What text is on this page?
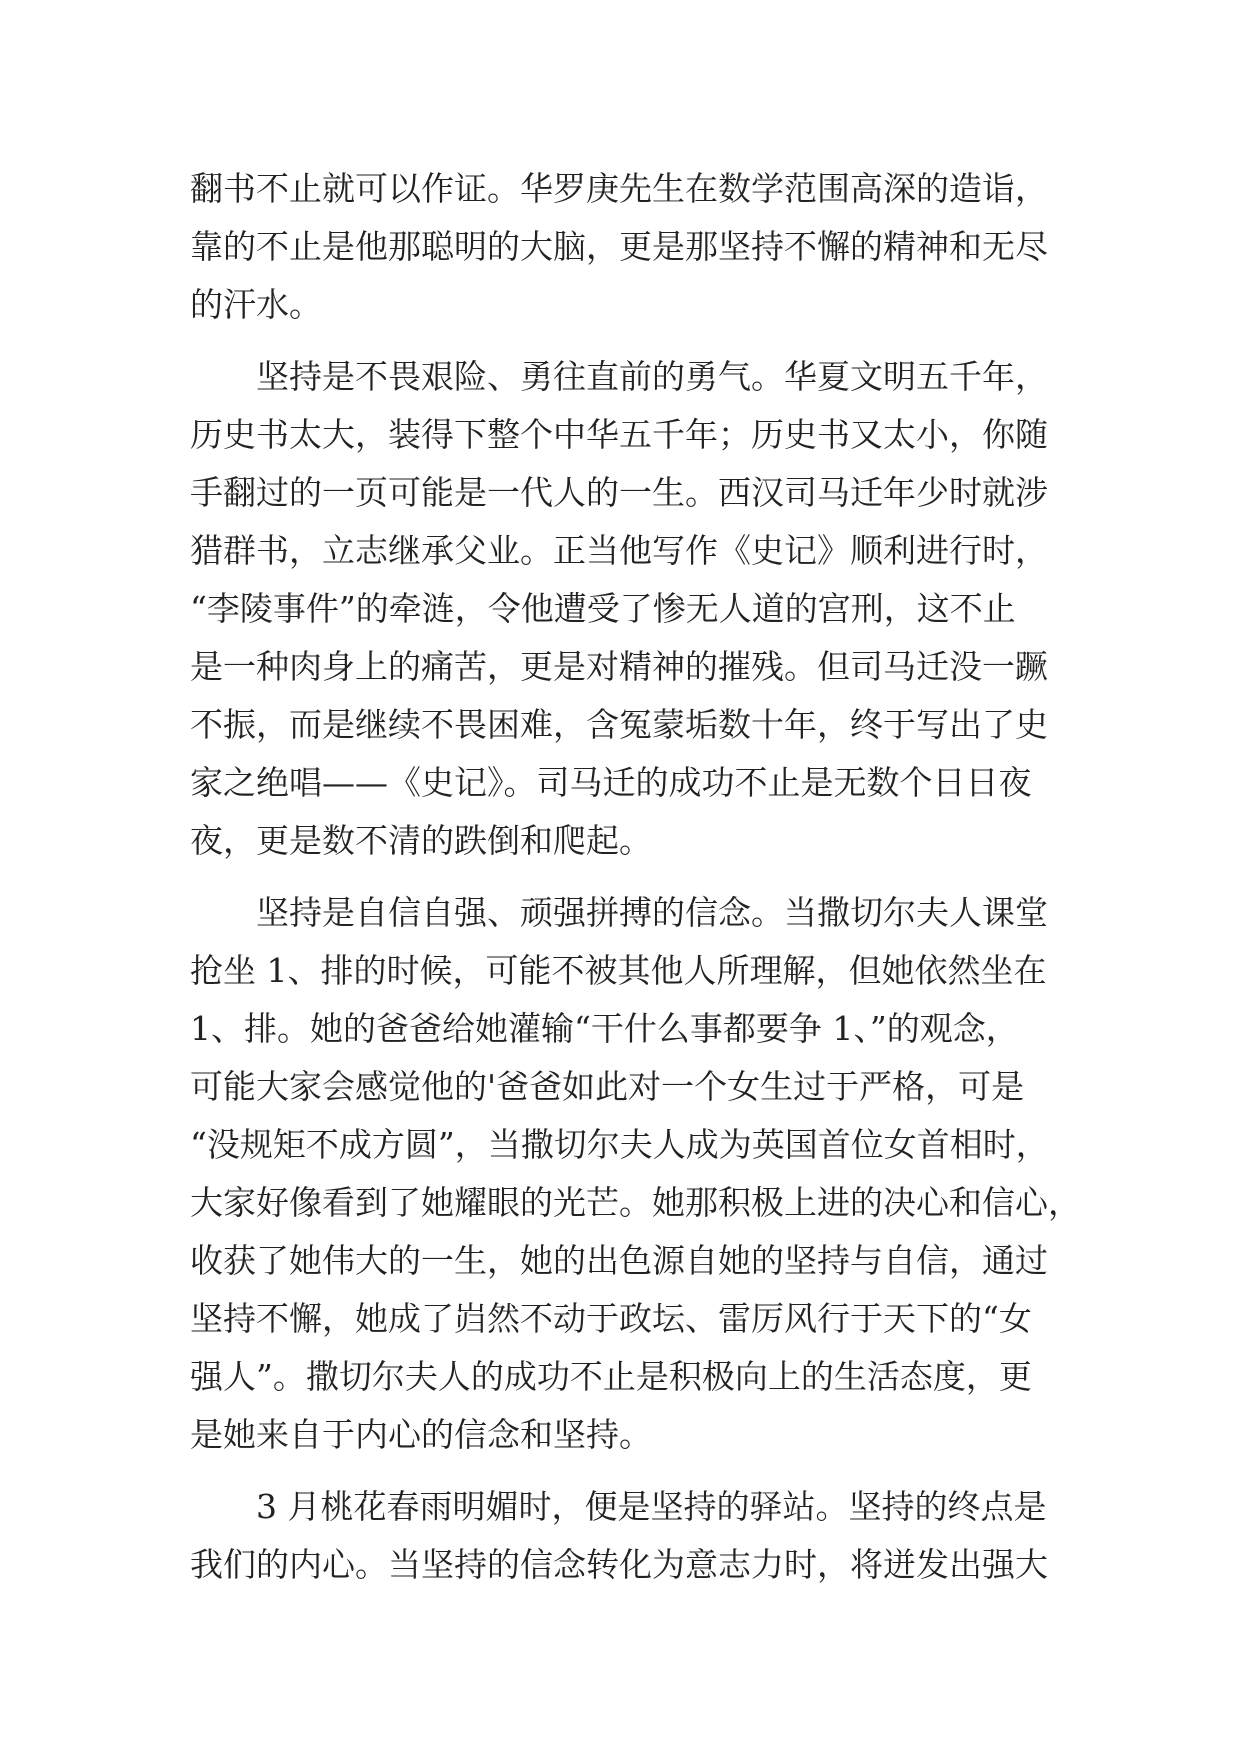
翻书不止就可以作证。华罗庚先生在数学范围高深的造诣，
靠的不止是他那聪明的大脑，更是那坚持不懈的精神和无尽
的汗水。
坚持是不畏艰险、勇往直前的勇气。华夏文明五千年，
历史书太大，装得下整个中华五千年；历史书又太小，你随
手翻过的一页可能是一代人的一生。西汉司马迁年少时就涉
猎群书，立志继承父业。正当他写作《史记》顺利进行时，
“李陵事件”的牵涟，令他遭受了惨无人道的宫刑，这不止
是一种肉身上的痛苦，更是对精神的摧残。但司马迁没一蹶
不振，而是继续不畏困难，含冤蒙垢数十年，终于写出了史
家之绝唱——《史记》。司马迁的成功不止是无数个日日夜
夜，更是数不清的跌倒和爬起。
坚持是自信自强、顽强拼搏的信念。当撒切尔夫人课堂
抢坐 1、排的时候，可能不被其他人所理解，但她依然坐在
1、排。她的爸爸给她灌输“干什么事都要争 1、”的观念，
可能大家会感觉他的'爸爸如此对一个女生过于严格，可是
“没规矩不成方圆”，当撒切尔夫人成为英国首位女首相时，
大家好像看到了她耀眼的光芒。她那积极上进的决心和信心，
收获了她伟大的一生，她的出色源自她的坚持与自信，通过
坚持不懈，她成了岿然不动于政坛、雷厉风行于天下的“女
强人”。撒切尔夫人的成功不止是积极向上的生活态度，更
是她来自于内心的信念和坚持。
3 月桃花春雨明媚时，便是坚持的驿站。坚持的终点是
我们的内心。当坚持的信念转化为意志力时，将迸发出强大
